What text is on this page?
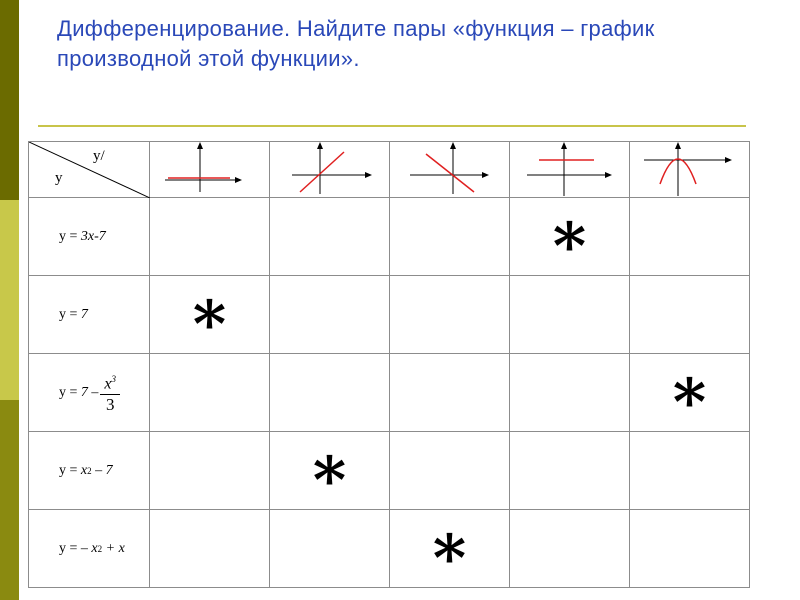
Дифференцирование. Найдите пары «функция – график производной этой функции».
y/
y

y =
3x-7				*	

y =
7	*				

y =
$7 - \frac{x^3}{3}$					*

y =
x 2
– 7		*			

y =
– x 2
+ x			*		
